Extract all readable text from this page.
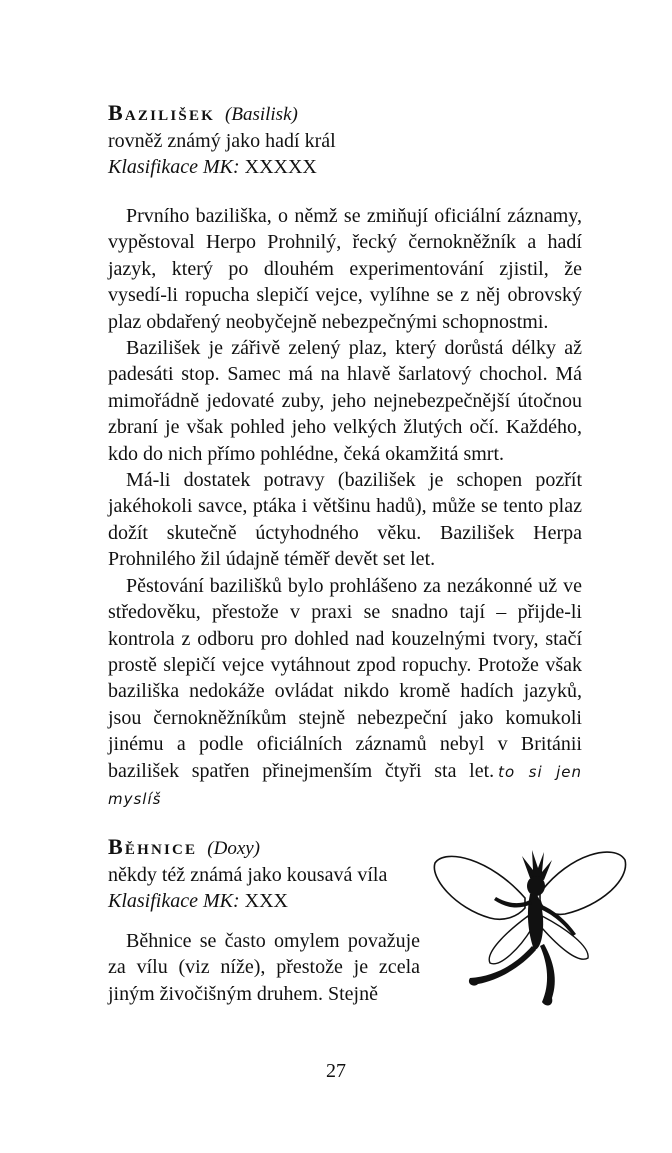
Bazilišek (Basilisk)
rovněž známý jako hadí král
Klasifikace MK: XXXXX

Prvního baziliška, o němž se zmiňují oficiální záznamy, vypěstoval Herpo Prohnilý, řecký černokněžník a hadí jazyk, který po dlouhém experimentování zjistil, že vysedí-li ropucha slepičí vejce, vylíhne se z něj obrovský plaz obdařený neobyčejně nebezpečnými schopnostmi.

Bazilišek je zářivě zelený plaz, který dorůstá délky až padesáti stop. Samec má na hlavě šarlatový chochol. Má mimořádně jedovaté zuby, jeho nejnebezpečnější útočnou zbraní je však pohled jeho velkých žlutých očí. Každého, kdo do nich přímo pohlédne, čeká okamžitá smrt.

Má-li dostatek potravy (bazilišek je schopen pozřít jakéhokoli savce, ptáka i většinu hadů), může se tento plaz dožít skutečně úctyhodného věku. Bazilišek Herpa Prohnilého žil údajně téměř devět set let.

Pěstování bazilišků bylo prohlášeno za nezákonné už ve středověku, přestože v praxi se snadno tají – přijde-li kontrola z odboru pro dohled nad kouzelnými tvory, stačí prostě slepičí vejce vytáhnout zpod ropuchy. Protože však baziliška nedokáže ovládat nikdo kromě hadích jazyků, jsou černokněžníkům stejně nebezpeční jako komukoli jinému a podle oficiálních záznamů nebyl v Británii bazilišek spatřen přinejmenším čtyři sta let. to si jen myslíš

Běhnice (Doxy)
někdy též známá jako kousavá víla
Klasifikace MK: XXX

Běhnice se často omylem považuje za vílu (viz níže), přestože je zcela jiným živočišným druhem. Stejně

27
